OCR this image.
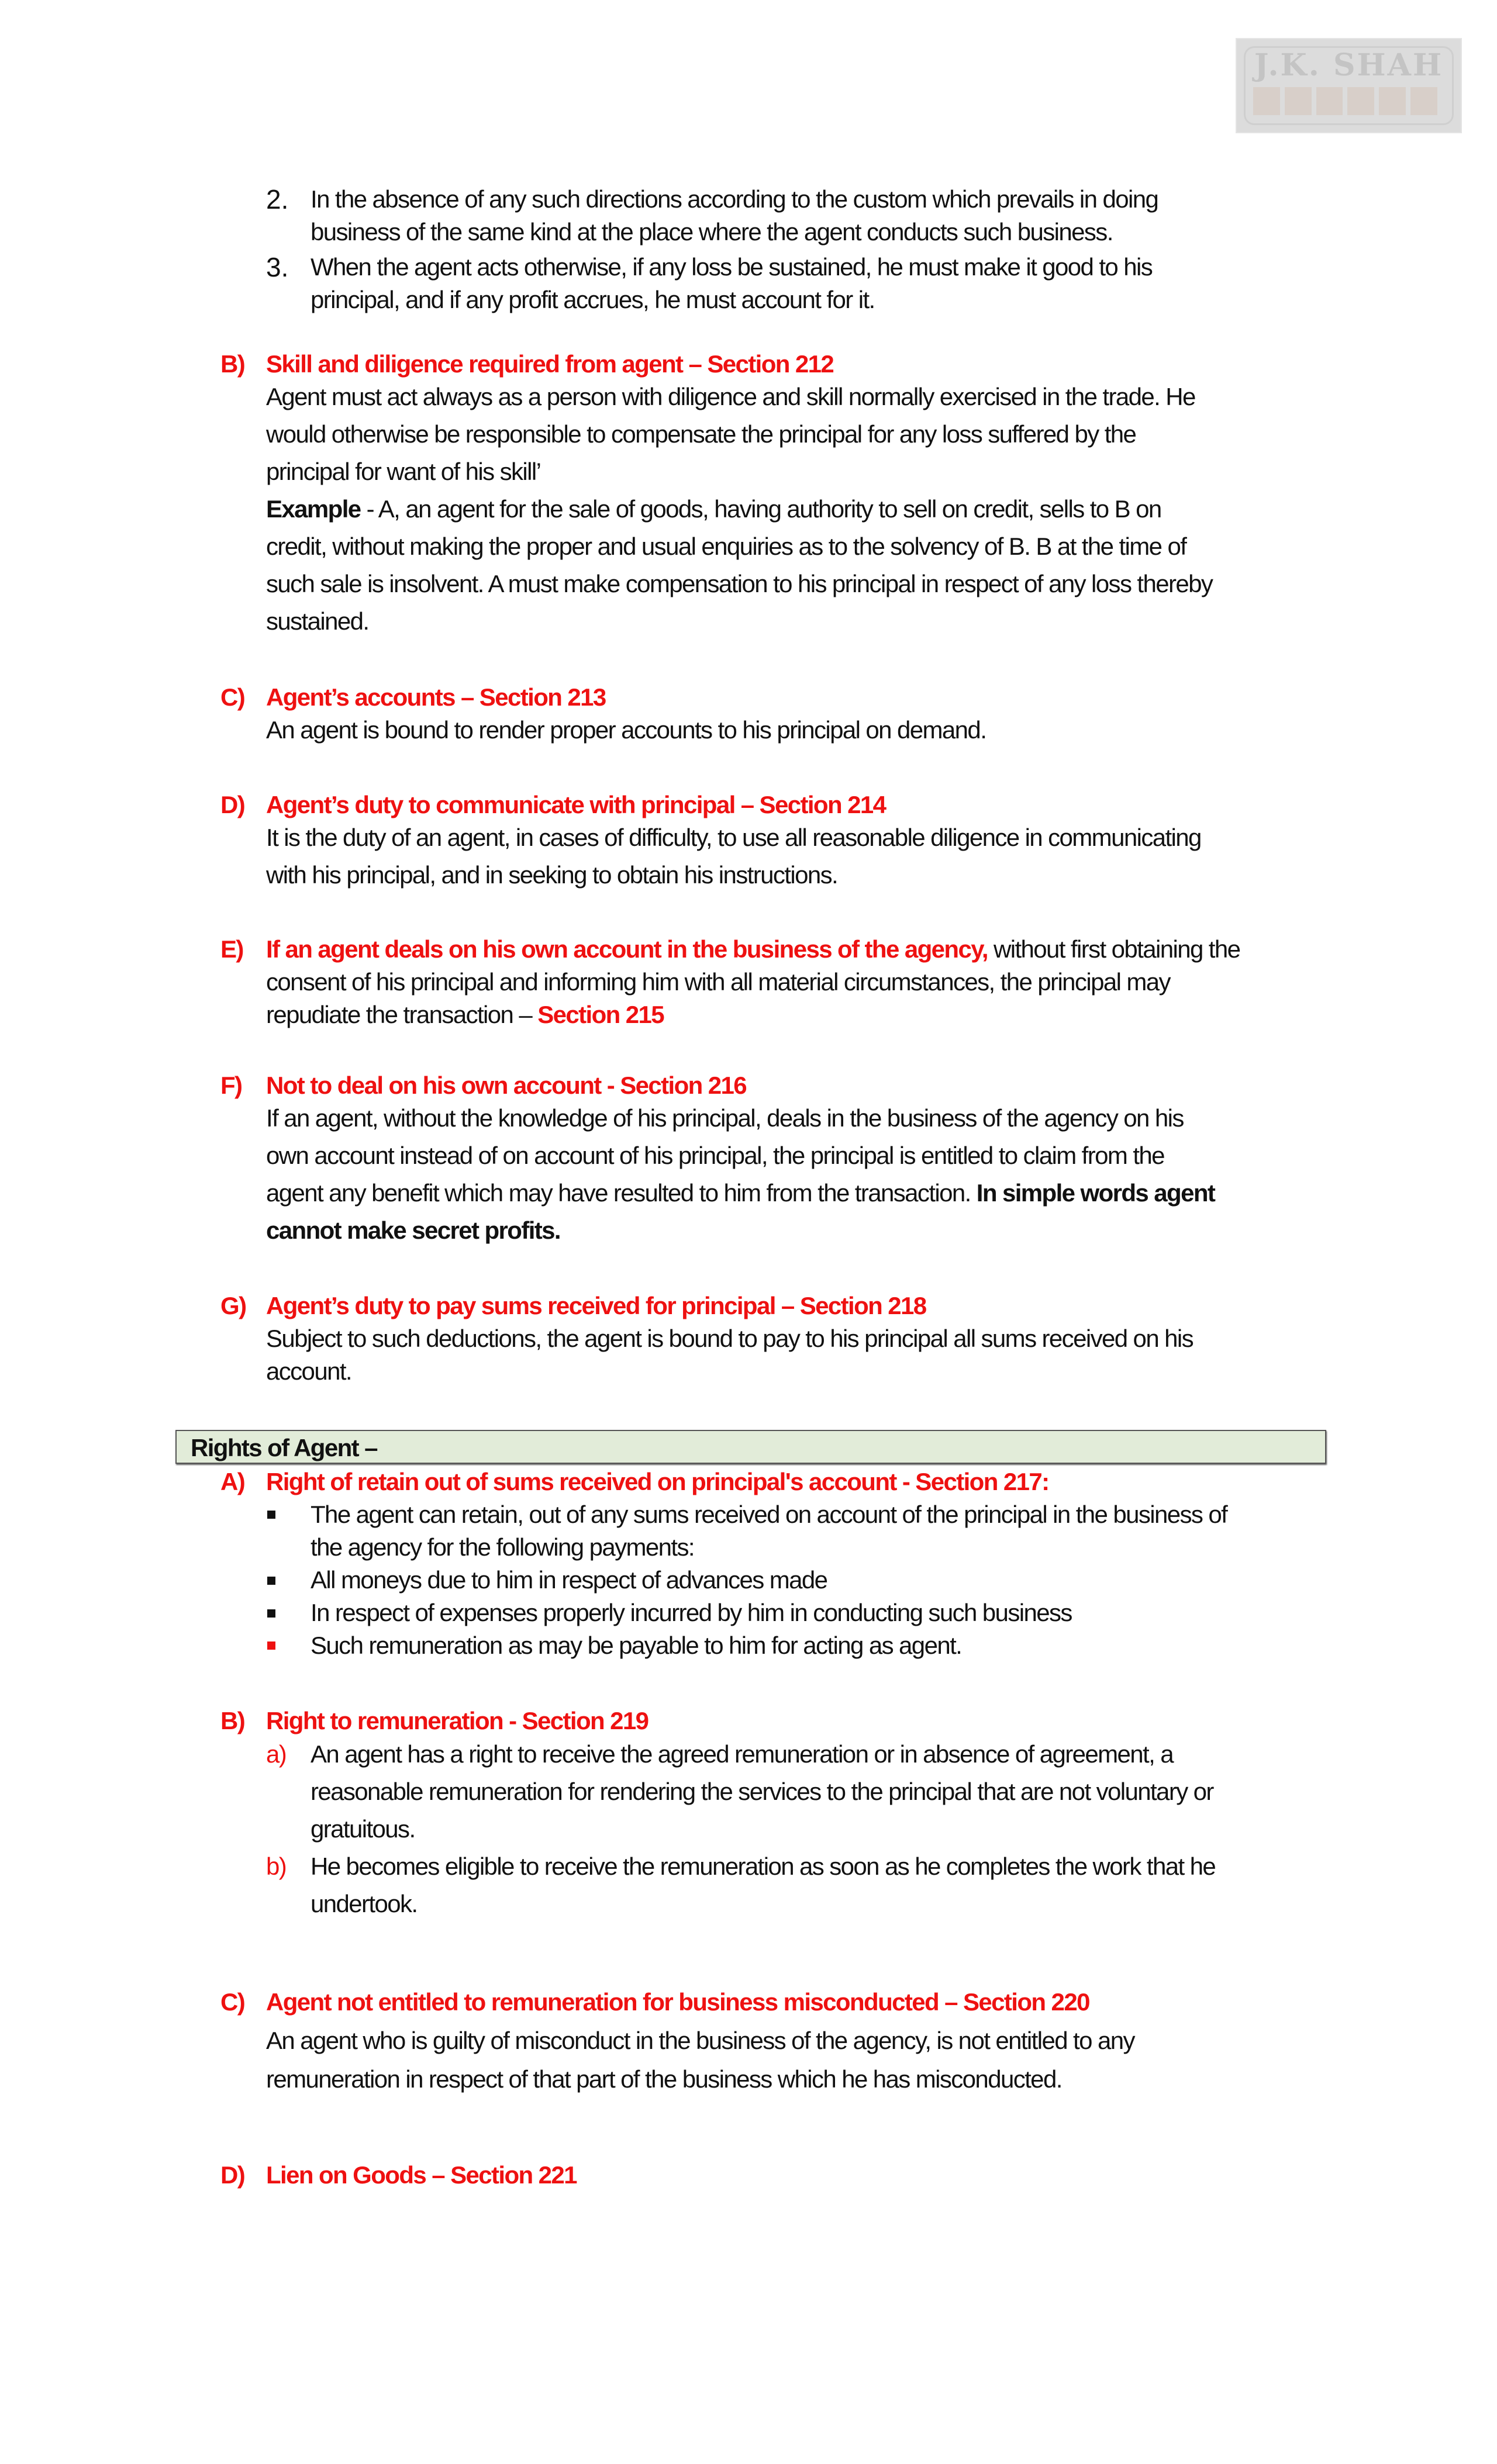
J.K. SHAH
2. In the absence of any such directions according to the custom which prevails in doing
business of the same kind at the place where the agent conducts such business.
3. When the agent acts otherwise, if any loss be sustained, he must make it good to his
principal, and if any profit accrues, he must account for it.
B) Skill and diligence required from agent – Section 212
Agent must act always as a person with diligence and skill normally exercised in the trade. He
would otherwise be responsible to compensate the principal for any loss suffered by the
principal for want of his skill’
Example - A, an agent for the sale of goods, having authority to sell on credit, sells to B on
credit, without making the proper and usual enquiries as to the solvency of B. B at the time of
such sale is insolvent. A must make compensation to his principal in respect of any loss thereby
sustained.
C) Agent’s accounts – Section 213
An agent is bound to render proper accounts to his principal on demand.
D) Agent’s duty to communicate with principal – Section 214
It is the duty of an agent, in cases of difficulty, to use all reasonable diligence in communicating
with his principal, and in seeking to obtain his instructions.
E) If an agent deals on his own account in the business of the agency, without first obtaining the
consent of his principal and informing him with all material circumstances, the principal may
repudiate the transaction – Section 215
F) Not to deal on his own account - Section 216
If an agent, without the knowledge of his principal, deals in the business of the agency on his
own account instead of on account of his principal, the principal is entitled to claim from the
agent any benefit which may have resulted to him from the transaction. In simple words agent
cannot make secret profits.
G) Agent’s duty to pay sums received for principal – Section 218
Subject to such deductions, the agent is bound to pay to his principal all sums received on his
account.
Rights of Agent –
A) Right of retain out of sums received on principal's account - Section 217:
The agent can retain, out of any sums received on account of the principal in the business of
the agency for the following payments:
All moneys due to him in respect of advances made
In respect of expenses properly incurred by him in conducting such business
Such remuneration as may be payable to him for acting as agent.
B) Right to remuneration - Section 219
a) An agent has a right to receive the agreed remuneration or in absence of agreement, a
reasonable remuneration for rendering the services to the principal that are not voluntary or
gratuitous.
b) He becomes eligible to receive the remuneration as soon as he completes the work that he
undertook.
C) Agent not entitled to remuneration for business misconducted – Section 220
An agent who is guilty of misconduct in the business of the agency, is not entitled to any
remuneration in respect of that part of the business which he has misconducted.
D) Lien on Goods – Section 221
